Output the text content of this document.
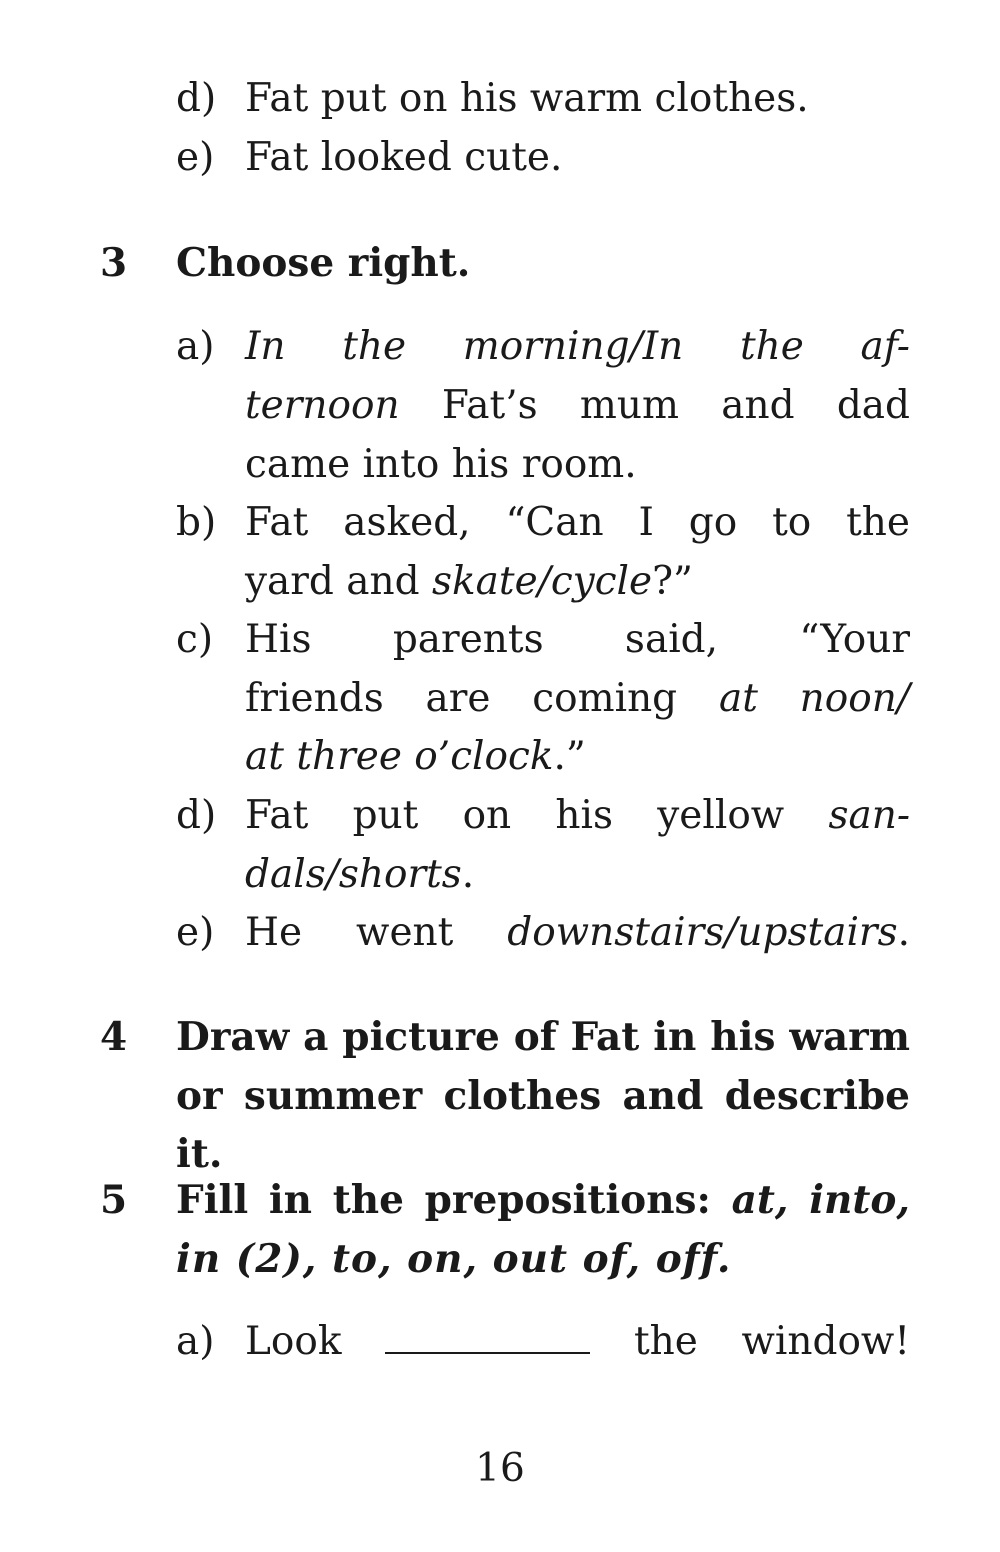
d) Fat put on his warm clothes.
e) Fat looked cute.
3 Choose right.
a) In the morning/In the af-
ternoon Fat’s mum and dad
came into his room.
b) Fat asked, “Can I go to the
yard and skate/cycle?”
c) His parents said, “Your
friends are coming at noon/
at three o’clock.”
d) Fat put on his yellow san-
dals/shorts.
e) He went downstairs/upstairs.
4 Draw a picture of Fat in his warm
or summer clothes and describe it.
5 Fill in the prepositions: at, into,
in (2), to, on, out of, off.
a) Look	the window!
16
